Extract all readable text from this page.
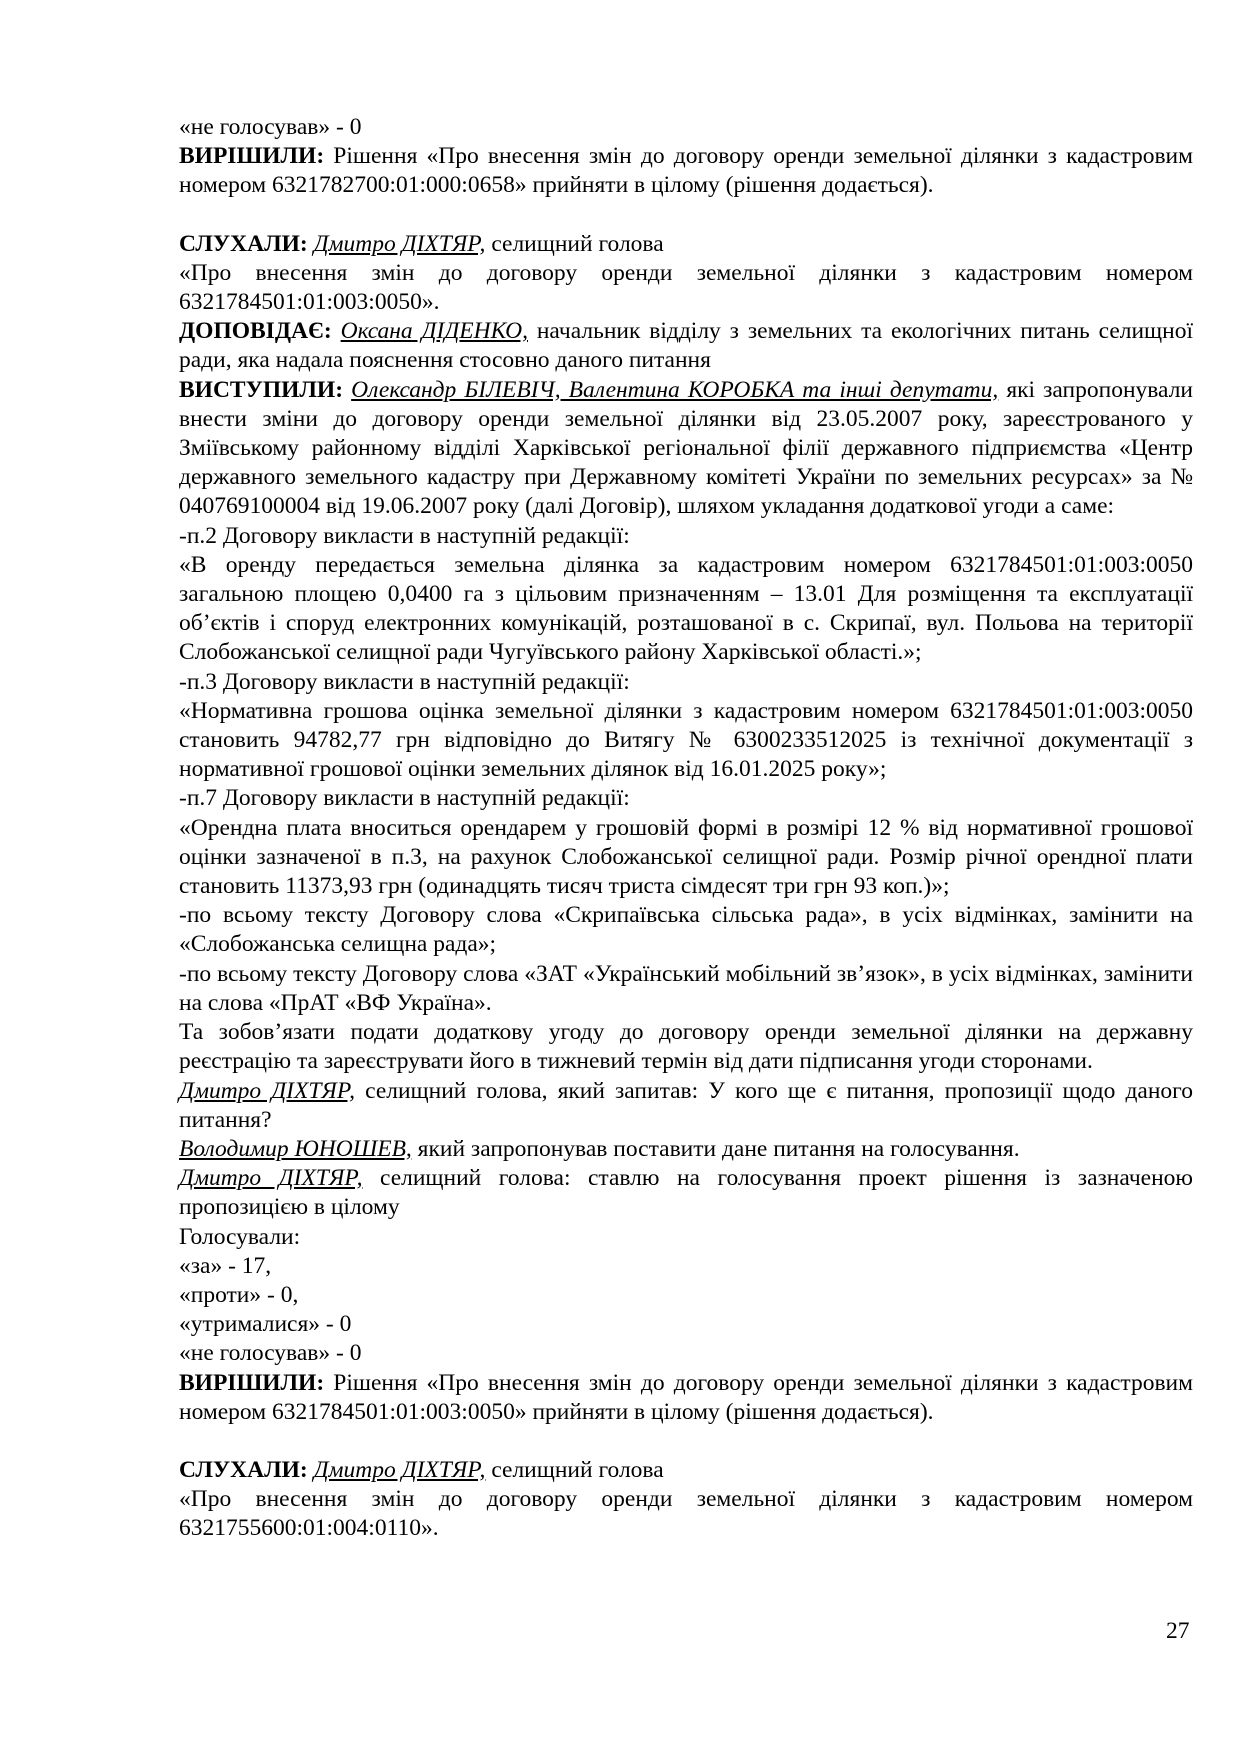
«не голосував» - 0

ВИРІШИЛИ: Рішення «Про внесення змін до договору оренди земельної ділянки з кадастровим номером 6321782700:01:000:0658» прийняти в цілому (рішення додається).

СЛУХАЛИ: Дмитро ДІХТЯР, селищний голова

«Про внесення змін до договору оренди земельної ділянки з кадастровим номером 6321784501:01:003:0050».

ДОПОВІДАЄ: Оксана ДІДЕНКО, начальник відділу з земельних та екологічних питань селищної ради, яка надала пояснення стосовно даного питання

ВИСТУПИЛИ: Олександр БІЛЕВІЧ, Валентина КОРОБКА та інші депутати, які запропонували внести зміни до договору оренди земельної ділянки від 23.05.2007 року, зареєстрованого у Зміївському районному відділі Харківської регіональної філії державного підприємства «Центр державного земельного кадастру при Державному комітеті України по земельних ресурсах» за № 040769100004 від 19.06.2007 року (далі Договір), шляхом укладання додаткової угоди а саме:

-п.2 Договору викласти в наступній редакції:

«В оренду передається земельна ділянка за кадастровим номером 6321784501:01:003:0050 загальною площею 0,0400 га з цільовим призначенням – 13.01 Для розміщення та експлуатації об’єктів і споруд електронних комунікацій, розташованої в с. Скрипаї, вул. Польова на території Слобожанської селищної ради Чугуївського району Харківської області.»;

-п.3 Договору викласти в наступній редакції:

«Нормативна грошова оцінка земельної ділянки з кадастровим номером 6321784501:01:003:0050 становить 94782,77 грн відповідно до Витягу № 6300233512025 із технічної документації з нормативної грошової оцінки земельних ділянок від 16.01.2025 року»;

-п.7 Договору викласти в наступній редакції:

«Орендна плата вноситься орендарем у грошовій формі в розмірі 12 % від нормативної грошової оцінки зазначеної в п.3, на рахунок Слобожанської селищної ради. Розмір річної орендної плати становить 11373,93 грн (одинадцять тисяч триста сімдесят три грн 93 коп.)»;

-по всьому тексту Договору слова «Скрипаївська сільська рада», в усіх відмінках, замінити на «Слобожанська селищна рада»;

-по всьому тексту Договору слова «ЗАТ «Український мобільний зв’язок», в усіх відмінках, замінити на слова «ПрАТ «ВФ Україна».

Та зобов’язати подати додаткову угоду до договору оренди земельної ділянки на державну реєстрацію та зареєструвати його в тижневий термін від дати підписання угоди сторонами.

Дмитро ДІХТЯР, селищний голова, який запитав: У кого ще є питання, пропозиції щодо даного питання?

Володимир ЮНОШЕВ, який запропонував поставити дане питання на голосування.

Дмитро ДІХТЯР, селищний голова: ставлю на голосування проект рішення із зазначеною пропозицією в цілому

Голосували:

«за» - 17,

«проти» - 0,

«утрималися» - 0

«не голосував» - 0

ВИРІШИЛИ: Рішення «Про внесення змін до договору оренди земельної ділянки з кадастровим номером 6321784501:01:003:0050» прийняти в цілому (рішення додається).

СЛУХАЛИ: Дмитро ДІХТЯР, селищний голова

«Про внесення змін до договору оренди земельної ділянки з кадастровим номером 6321755600:01:004:0110».

27
